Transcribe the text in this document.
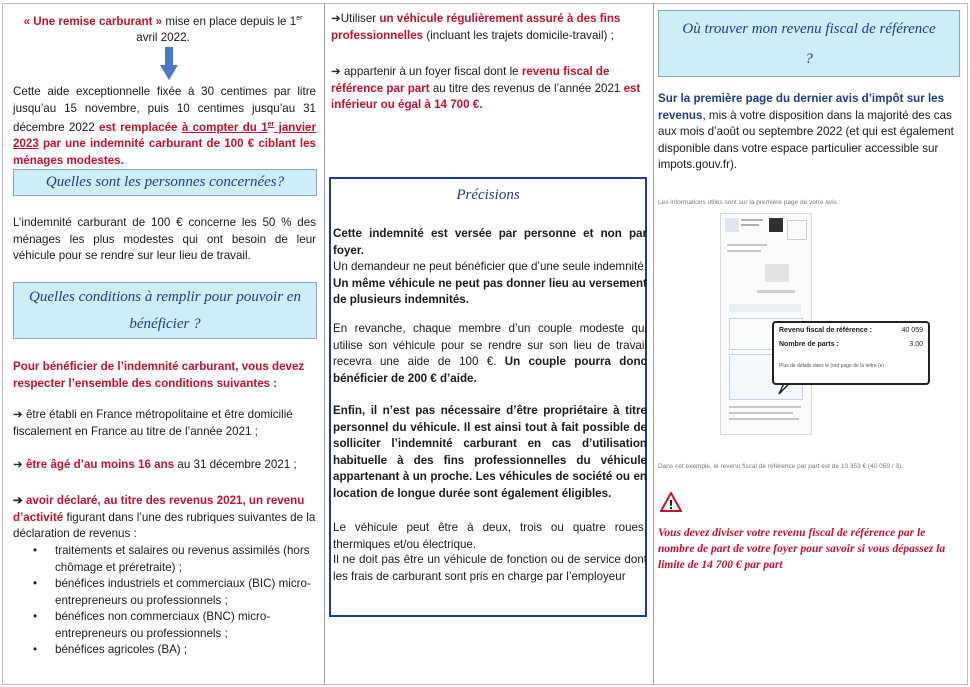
« Une remise carburant » mise en place depuis le 1er avril 2022.

Cette aide exceptionnelle fixée à 30 centimes par litre jusqu’au 15 novembre, puis 10 centimes jusqu’au 31 décembre 2022 est remplacée à compter du 1er janvier 2023 par une indemnité carburant de 100 € ciblant les ménages modestes.

Quelles sont les personnes concernées?

L’indemnité carburant de 100 € concerne les 50 % des ménages les plus modestes qui ont besoin de leur véhicule pour se rendre sur leur lieu de travail.

Quelles conditions à remplir pour pouvoir en bénéficier ?

Pour bénéficier de l’indemnité carburant, vous devez respecter l’ensemble des conditions suivantes :

➔ être établi en France métropolitaine et être domicilié fiscalement en France au titre de l’année 2021 ;

➔ être âgé d’au moins 16 ans au 31 décembre 2021 ;

➔ avoir déclaré, au titre des revenus 2021, un revenu d’activité figurant dans l’une des rubriques suivantes de la déclaration de revenus :

• traitements et salaires ou revenus assimilés (hors chômage et préretraite) ;
• bénéfices industriels et commerciaux (BIC) micro-entrepreneurs ou professionnels ;
• bénéfices non commerciaux (BNC) micro-entrepreneurs ou professionnels ;
• bénéfices agricoles (BA) ;

➔Utiliser un véhicule régulièrement assuré à des fins professionnelles (incluant les trajets domicile-travail) ;

➔ appartenir à un foyer fiscal dont le revenu fiscal de référence par part au titre des revenus de l’année 2021 est inférieur ou égal à 14 700 €.

Précisions

Cette indemnité est versée par personne et non par foyer.
Un demandeur ne peut bénéficier que d’une seule indemnité. Un même véhicule ne peut pas donner lieu au versement de plusieurs indemnités.

En revanche, chaque membre d’un couple modeste qui utilise son véhicule pour se rendre sur son lieu de travail recevra une aide de 100 €. Un couple pourra donc bénéficier de 200 € d’aide.

Enfin, il n’est pas nécessaire d’être propriétaire à titre personnel du véhicule. Il est ainsi tout à fait possible de solliciter l’indemnité carburant en cas d’utilisation habituelle à des fins professionnelles du véhicule appartenant à un proche. Les véhicules de société ou en location de longue durée sont également éligibles.

Le véhicule peut être à deux, trois ou quatre roues, thermiques et/ou électrique.

Il ne doit pas être un véhicule de fonction ou de service dont les frais de carburant sont pris en charge par l’employeur

Où trouver mon revenu fiscal de référence ?

Sur la première page du dernier avis d’impôt sur les revenus, mis à votre disposition dans la majorité des cas aux mois d’août ou septembre 2022 (et qui est également disponible dans votre espace particulier accessible sur impots.gouv.fr).

Les informations utiles sont sur la première page de votre avis :
Revenu fiscal de référence :	40 059
Nombre de parts :	3.00
Plus de détails dans le (ou) page de la lettre (e)
Dans cet exemple, le revenu fiscal de référence par part est de 13 353 € (40 059 / 3).
!

Vous devez diviser votre revenu fiscal de référence par le nombre de part de votre foyer pour savoir si vous dépassez la limite de 14 700 € par part
